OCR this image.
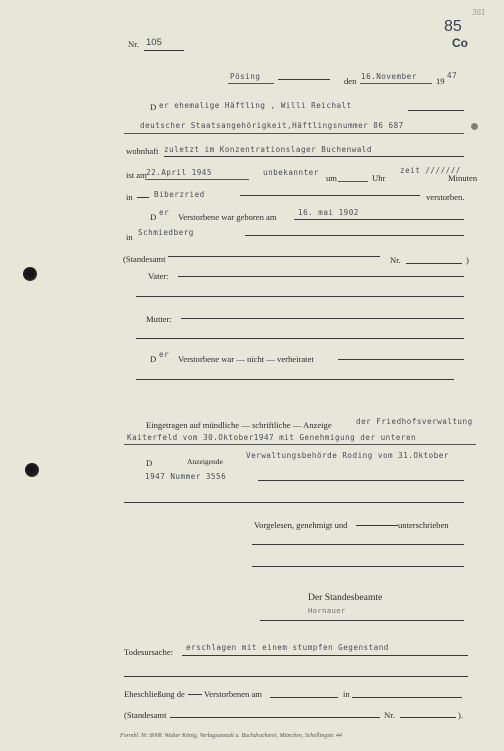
Nr. 105
85
Co
361
Pösing	den 16.November 19
47
D er ehemalige Häftling , Willi Reichalt
deutscher Staatsangehörigkeit,Häftlingsnummer 86 687
wohnhaft zuletzt im Konzentrationslager Buchenwald
ist am 22.April 1945	unbekannter
um	Uhr
zeit ///////
Minuten
in	Biberzried	verstorben.
D er Verstorbene war geboren am	16. mai 1902
in Schmiedberg
(Standesamt	Nr.	)
Vater:
Mutter:
D er Verstorbene war — nicht — verheiratet
Eingetragen auf mündliche — schriftliche — Anzeige	der Friedhofsverwaltung
Kaiterfeld vom 30.Oktober1947 mit Genehmigung der unteren
D	Anzeigende
Verwaltungsbehörde Roding vom 31.Oktober
1947 Nummer 3556
Vorgelesen, genehmigt und	unterschrieben
Der Standesbeamte
Hornauer
Todesursache: erschlagen mit einem stumpfen Gegenstand
Eheschließung de Verstorbenen am	in
(Standesamt	Nr.	).
Formbl. Nr. 8008. Walter König, Verlagsanstalt u. Buchdruckerei, München, Schellingstr. 44
